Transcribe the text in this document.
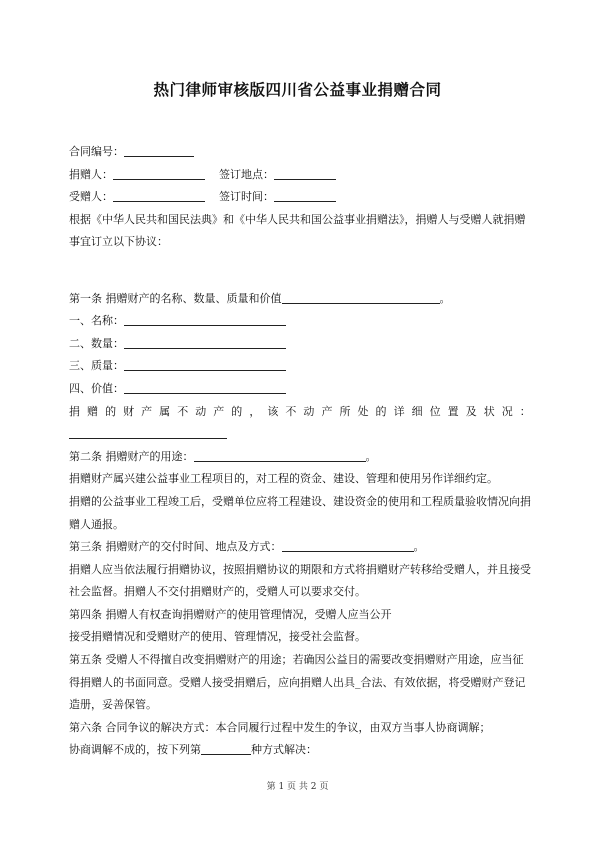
热门律师审核版四川省公益事业捐赠合同
合同编号：
捐赠人：	签订地点：
受赠人：	签订时间：
根据《中华人民共和国民法典》和《中华人民共和国公益事业捐赠法》，捐赠人与受赠人就捐赠事宜订立以下协议：
第一条 捐赠财产的名称、数量、质量和价值	。
一、名称：
二、数量：
三、质量：
四、价值：
捐 赠 的 财 产 属 不 动 产 的 ， 该 不 动 产 所 处 的 详 细 位 置 及 状 况 ：
第二条 捐赠财产的用途：	。
捐赠财产属兴建公益事业工程项目的，对工程的资金、建设、管理和使用另作详细约定。
捐赠的公益事业工程竣工后，受赠单位应将工程建设、建设资金的使用和工程质量验收情况向捐赠人通报。
第三条 捐赠财产的交付时间、地点及方式：	。
捐赠人应当依法履行捐赠协议，按照捐赠协议的期限和方式将捐赠财产转移给受赠人，并且接受社会监督。捐赠人不交付捐赠财产的，受赠人可以要求交付。
第四条 捐赠人有权查询捐赠财产的使用管理情况，受赠人应当公开
接受捐赠情况和受赠财产的使用、管理情况，接受社会监督。
第五条 受赠人不得擅自改变捐赠财产的用途；若确因公益目的需要改变捐赠财产用途，应当征得捐赠人的书面同意。受赠人接受捐赠后，应向捐赠人出具_合法、有效依据，将受赠财产登记造册，妥善保管。
第六条 合同争议的解决方式：本合同履行过程中发生的争议，由双方当事人协商调解；
协商调解不成的，按下列第	种方式解决：
第 1 页 共 2 页
